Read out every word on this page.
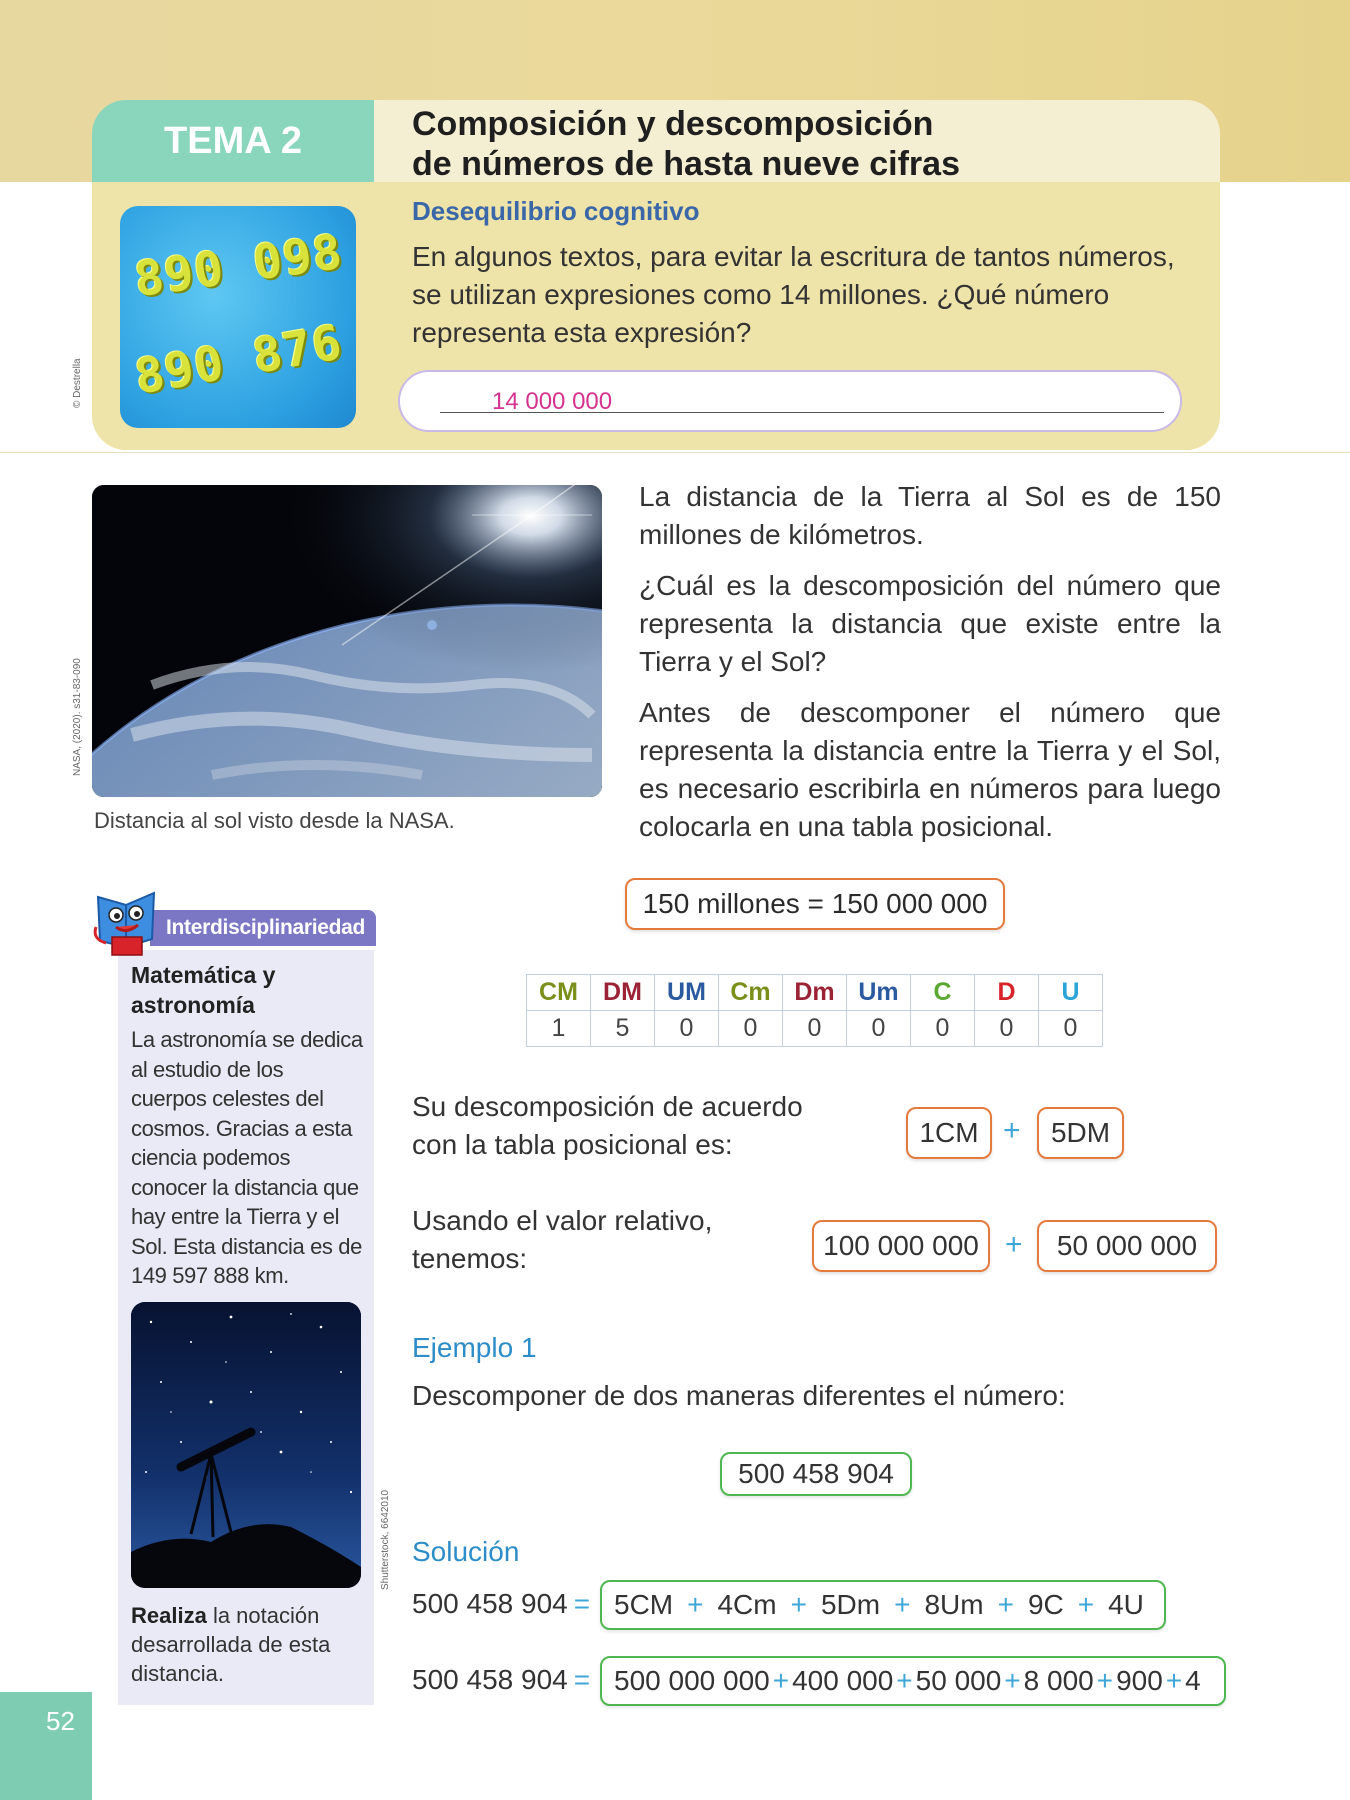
TEMA 2	Composición y descomposición
de números de hasta nueve cifras
890 098
890 876
Desequilibrio cognitivo
En algunos textos, para evitar la escritura de tantos números, se utilizan expresiones como 14 millones. ¿Qué número representa esta expresión?
14 000 000
© Destrella
NASA, (2020). s31-83-090
Distancia al sol visto desde la NASA.

La distancia de la Tierra al Sol es de 150 millones de kilómetros.

¿Cuál es la descomposición del número que representa la distancia que existe entre la Tierra y el Sol?

Antes de descomponer el número que representa la distancia entre la Tierra y el Sol, es necesario escribirla en números para luego colocarla en una tabla posicional.

150 millones = 150 000 000
CM	DM	UM	Cm	Dm	Um	C	D	U
1	5	0	0	0	0	0	0	0
Su descomposición de acuerdo con la tabla posicional es:	1CM +	5DM
Usando el valor relativo, tenemos:	100 000 000 +	50 000 000
Ejemplo 1
Descomponer de dos maneras diferentes el número:
500 458 904
Solución
500 458 904 = 5CM + 4Cm + 5Dm + 8Um + 9C + 4U
500 458 904 = 500 000 000 + 400 000 + 50 000 + 8 000 + 900 + 4
Interdisciplinariedad
Matemática y astronomía
La astronomía se dedica al estudio de los cuerpos celestes del cosmos. Gracias a esta ciencia podemos conocer la distancia que hay entre la Tierra y el Sol. Esta distancia es de 149 597 888 km.
Shutterstock, 6642010
Realiza la notación desarrollada de esta distancia.
52
